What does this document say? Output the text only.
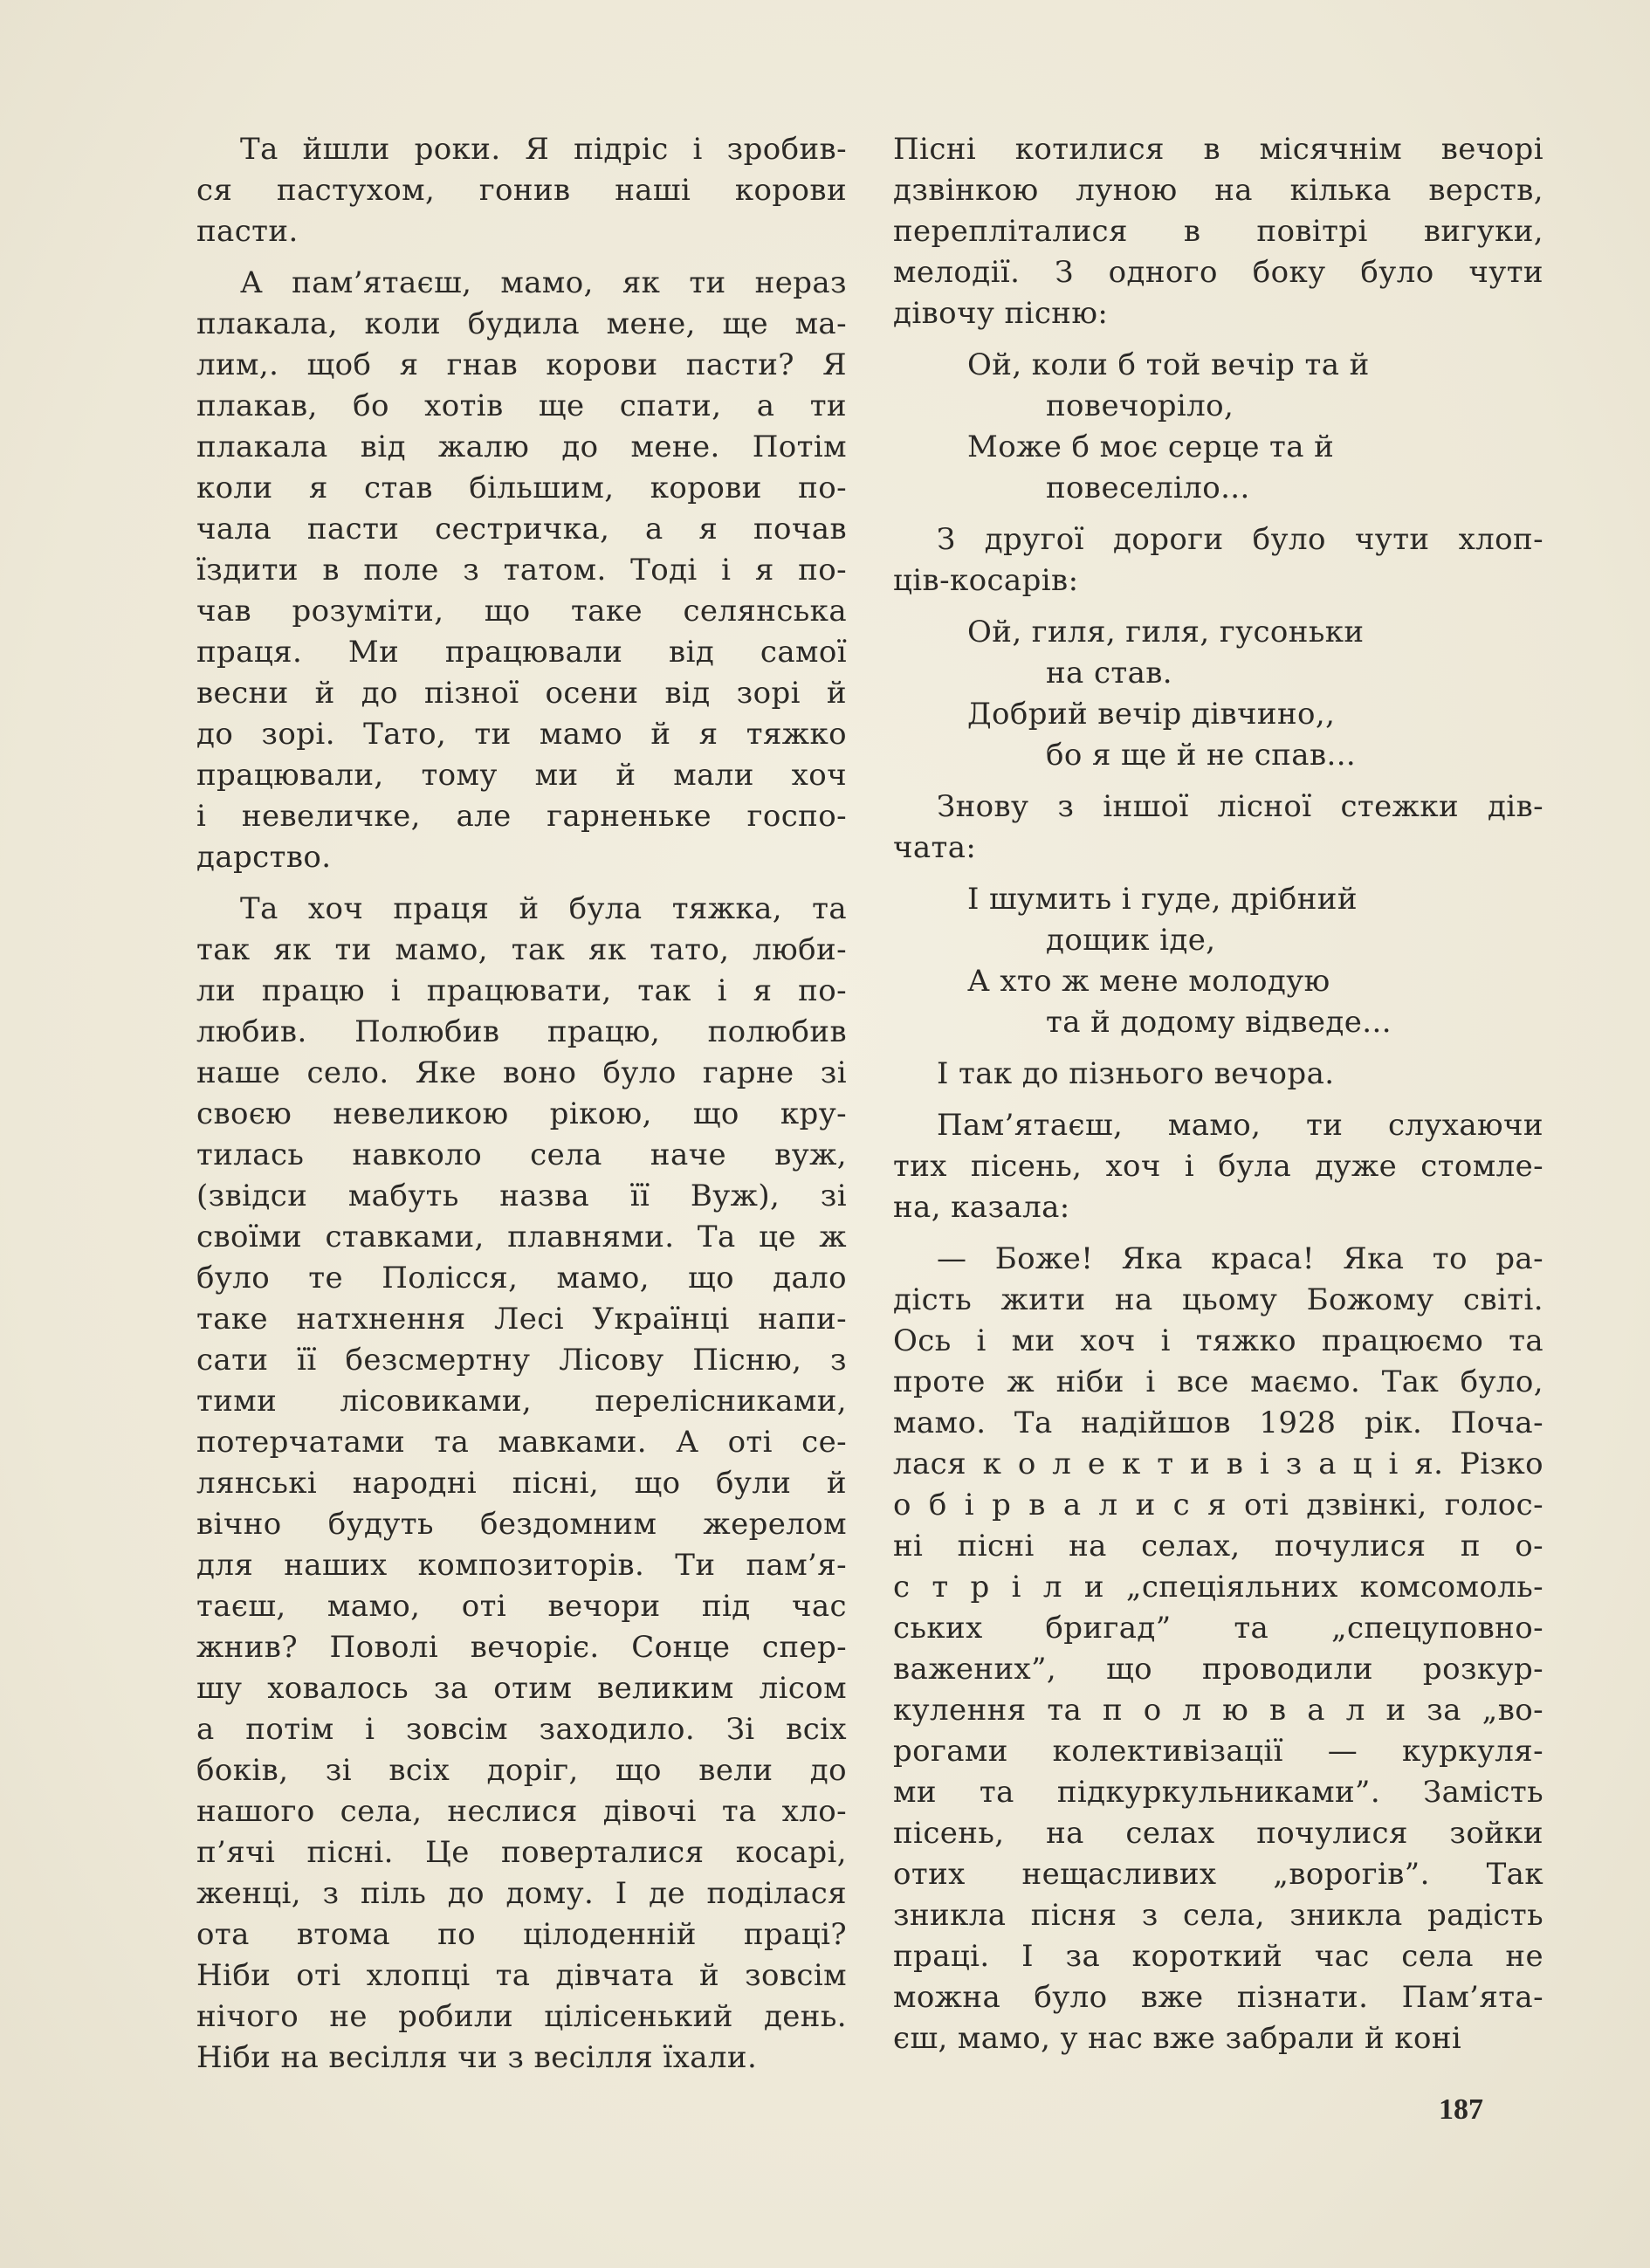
Та йшли роки. Я підріс і зробив-
ся пастухом, гонив наші корови
пасти.
А пам’ятаєш, мамо, як ти нераз
плакала, коли будила мене, ще ма-
лим,. щоб я гнав корови пасти? Я
плакав, бо хотів ще спати, а ти
плакала від жалю до мене. Потім
коли я став більшим, корови по-
чала пасти сестричка, а я почав
їздити в поле з татом. Тоді і я по-
чав розуміти, що таке селянська
праця. Ми працювали від самої
весни й до пізної осени від зорі й
до зорі. Тато, ти мамо й я тяжко
працювали, тому ми й мали хоч
і невеличке, але гарненьке госпо-
дарство.
Та хоч праця й була тяжка, та
так як ти мамо, так як тато, люби-
ли працю і працювати, так і я по-
любив. Полюбив працю, полюбив
наше село. Яке воно було гарне зі
своєю невеликою рікою, що кру-
тилась навколо села наче вуж,
(звідси мабуть назва її Вуж), зі
своїми ставками, плавнями. Та це ж
було те Полісся, мамо, що дало
таке натхнення Лесі Українці напи-
сати її безсмертну Лісову Пісню, з
тими лісовиками, перелісниками,
потерчатами та мавками. А оті се-
лянські народні пісні, що були й
вічно будуть бездомним жерелом
для наших композиторів. Ти пам’я-
таєш, мамо, оті вечори під час
жнив? Поволі вечоріє. Сонце спер-
шу ховалось за отим великим лісом
а потім і зовсім заходило. Зі всіх
боків, зі всіх доріг, що вели до
нашого села, неслися дівочі та хло-
п’ячі пісні. Це поверталися косарі,
женці, з піль до дому. І де поділася
ота втома по цілоденній праці?
Ніби оті хлопці та дівчата й зовсім
нічого не робили цілісенький день.
Ніби на весілля чи з весілля їхали.
Пісні котилися в місячнім вечорі
дзвінкою луною на кілька верств,
перепліталися в повітрі вигуки,
мелодії. З одного боку було чути
дівочу пісню:
Ой, коли б той вечір та й
повечоріло,
Може б моє серце та й
повеселіло...
З другої дороги було чути хлоп-
ців-косарів:
Ой, гиля, гиля, гусоньки
на став.
Добрий вечір дівчино,,
бо я ще й не спав...
Знову з іншої лісної стежки дів-
чата:
І шумить і гуде, дрібний
дощик іде,
А хто ж мене молодую
та й додому відведе...
І так до пізнього вечора.
Пам’ятаєш, мамо, ти слухаючи
тих пісень, хоч і була дуже стомле-
на, казала:
— Боже! Яка краса! Яка то ра-
дість жити на цьому Божому світі.
Ось і ми хоч і тяжко працюємо та
проте ж ніби і все маємо. Так було,
мамо. Та надійшов 1928 рік. Поча-
лася к о л е к т и в і з а ц і я. Різко
о б і р в а л и с я оті дзвінкі, голос-
ні пісні на селах, почулися п о-
с т р і л и „спеціяльних комсомоль-
ських бригад” та „спецуповно-
важених”, що проводили розкур-
кулення та п о л ю в а л и за „во-
рогами колективізації — куркуля-
ми та підкуркульниками”. Замість
пісень, на селах почулися зойки
отих нещасливих „ворогів”. Так
зникла пісня з села, зникла радість
праці. І за короткий час села не
можна було вже пізнати. Пам’ята-
єш, мамо, у нас вже забрали й коні
187
